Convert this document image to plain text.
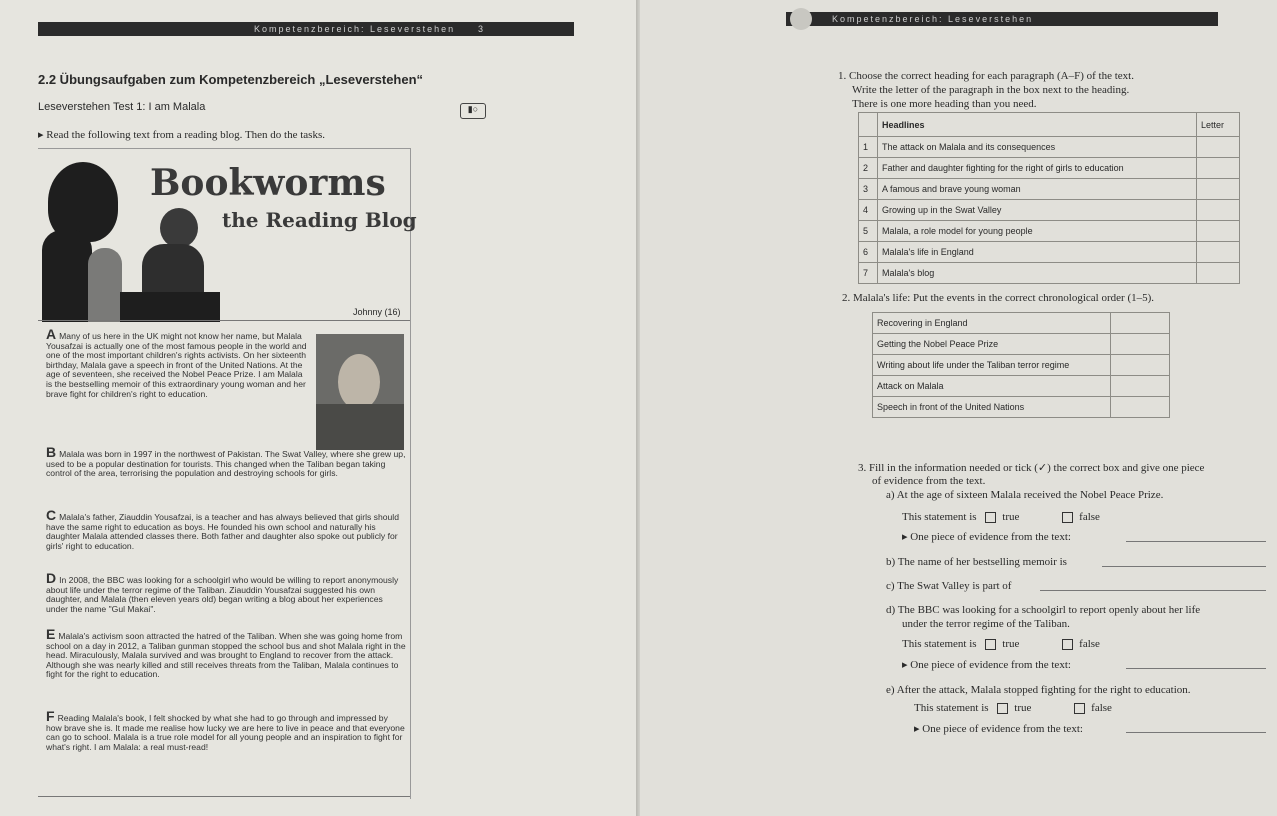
Kompetenzbereich: Leseverstehen	3
2.2 Übungsaufgaben zum Kompetenzbereich „Leseverstehen“
Leseverstehen Test 1: I am Malala	▮○
▸ Read the following text from a reading blog. Then do the tasks.
Bookworms
the Reading Blog
Johnny (16)
A Many of us here in the UK might not know her name, but Malala Yousafzai is actually one of the most famous people in the world and one of the most important children's rights activists. On her sixteenth birthday, Malala gave a speech in front of the United Nations. At the age of seventeen, she received the Nobel Peace Prize. I am Malala is the bestselling memoir of this extraordinary young woman and her brave fight for children's right to education.
B Malala was born in 1997 in the northwest of Pakistan. The Swat Valley, where she grew up, used to be a popular destination for tourists. This changed when the Taliban began taking control of the area, terrorising the population and destroying schools for girls.
C Malala's father, Ziauddin Yousafzai, is a teacher and has always believed that girls should have the same right to education as boys. He founded his own school and naturally his daughter Malala attended classes there. Both father and daughter also spoke out publicly for girls' right to education.
D In 2008, the BBC was looking for a schoolgirl who would be willing to report anonymously about life under the terror regime of the Taliban. Ziauddin Yousafzai suggested his own daughter, and Malala (then eleven years old) began writing a blog about her experiences under the name "Gul Makai".
E Malala's activism soon attracted the hatred of the Taliban. When she was going home from school on a day in 2012, a Taliban gunman stopped the school bus and shot Malala right in the head. Miraculously, Malala survived and was brought to England to recover from the attack. Although she was nearly killed and still receives threats from the Taliban, Malala continues to fight for the right to education.
F Reading Malala's book, I felt shocked by what she had to go through and impressed by how brave she is. It made me realise how lucky we are here to live in peace and that everyone can go to school. Malala is a true role model for all young people and an inspiration to fight for what's right. I am Malala: a real must-read!
Kompetenzbereich: Leseverstehen
1. Choose the correct heading for each paragraph (A–F) of the text.
Write the letter of the paragraph in the box next to the heading.
There is one more heading than you need.
	Headlines	Letter
1	The attack on Malala and its consequences	
2	Father and daughter fighting for the right of girls to education	
3	A famous and brave young woman	
4	Growing up in the Swat Valley	
5	Malala, a role model for young people	
6	Malala's life in England	
7	Malala's blog	
2. Malala's life: Put the events in the correct chronological order (1–5).
Recovering in England	
Getting the Nobel Peace Prize	
Writing about life under the Taliban terror regime	
Attack on Malala	
Speech in front of the United Nations	
3. Fill in the information needed or tick (✓) the correct box and give one piece
of evidence from the text.
a) At the age of sixteen Malala received the Nobel Peace Prize.
This statement is true	false
▸ One piece of evidence from the text:
b) The name of her bestselling memoir is
c) The Swat Valley is part of
d) The BBC was looking for a schoolgirl to report openly about her life
under the terror regime of the Taliban.
This statement is true	false
▸ One piece of evidence from the text:
e) After the attack, Malala stopped fighting for the right to education.
This statement is true	false
▸ One piece of evidence from the text:
